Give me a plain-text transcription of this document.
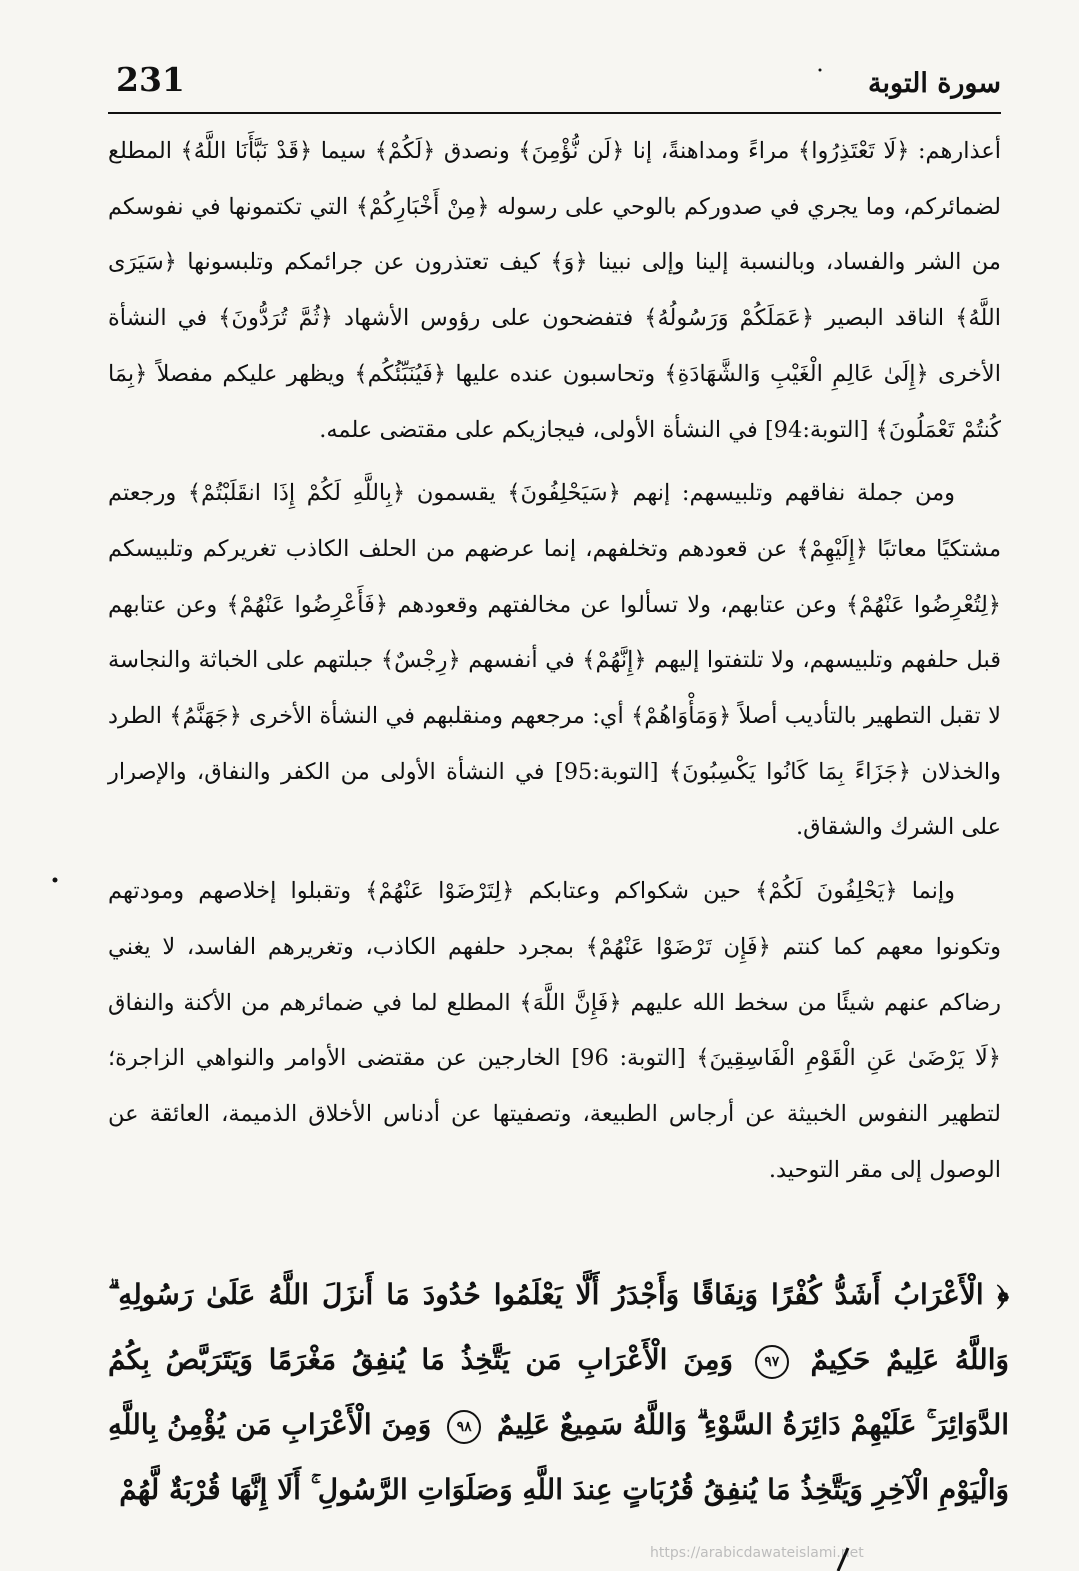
سورة التوبة
231

أعذارهم: ﴿لَا تَعْتَذِرُوا﴾ مراءً ومداهنةً، إنا ﴿لَن نُّؤْمِنَ﴾ ونصدق ﴿لَكُمْ﴾ سيما ﴿قَدْ نَبَّأَنَا اللَّهُ﴾ المطلع لضمائركم، وما يجري في صدوركم بالوحي على رسوله ﴿مِنْ أَخْبَارِكُمْ﴾ التي تكتمونها في نفوسكم من الشر والفساد، وبالنسبة إلينا وإلى نبينا ﴿وَ﴾ كيف تعتذرون عن جرائمكم وتلبسونها ﴿سَيَرَى اللَّهُ﴾ الناقد البصير ﴿عَمَلَكُمْ وَرَسُولُهُ﴾ فتفضحون على رؤوس الأشهاد ﴿ثُمَّ تُرَدُّونَ﴾ في النشأة الأخرى ﴿إِلَىٰ عَالِمِ الْغَيْبِ وَالشَّهَادَةِ﴾ وتحاسبون عنده عليها ﴿فَيُنَبِّئُكُم﴾ ويظهر عليكم مفصلاً ﴿بِمَا كُنتُمْ تَعْمَلُونَ﴾ [التوبة:94] في النشأة الأولى، فيجازيكم على مقتضى علمه.

ومن جملة نفاقهم وتلبيسهم: إنهم ﴿سَيَحْلِفُونَ﴾ يقسمون ﴿بِاللَّهِ لَكُمْ إِذَا انقَلَبْتُمْ﴾ ورجعتم مشتكيًا معاتبًا ﴿إِلَيْهِمْ﴾ عن قعودهم وتخلفهم، إنما عرضهم من الحلف الكاذب تغريركم وتلبيسكم ﴿لِتُعْرِضُوا عَنْهُمْ﴾ وعن عتابهم، ولا تسألوا عن مخالفتهم وقعودهم ﴿فَأَعْرِضُوا عَنْهُمْ﴾ وعن عتابهم قبل حلفهم وتلبيسهم، ولا تلتفتوا إليهم ﴿إِنَّهُمْ﴾ في أنفسهم ﴿رِجْسٌ﴾ جبلتهم على الخباثة والنجاسة لا تقبل التطهير بالتأديب أصلاً ﴿وَمَأْوَاهُمْ﴾ أي: مرجعهم ومنقلبهم في النشأة الأخرى ﴿جَهَنَّمُ﴾ الطرد والخذلان ﴿جَزَاءً بِمَا كَانُوا يَكْسِبُونَ﴾ [التوبة:95] في النشأة الأولى من الكفر والنفاق، والإصرار على الشرك والشقاق.

وإنما ﴿يَحْلِفُونَ لَكُمْ﴾ حين شكواكم وعتابكم ﴿لِتَرْضَوْا عَنْهُمْ﴾ وتقبلوا إخلاصهم ومودتهم وتكونوا معهم كما كنتم ﴿فَإِن تَرْضَوْا عَنْهُمْ﴾ بمجرد حلفهم الكاذب، وتغريرهم الفاسد، لا يغني رضاكم عنهم شيئًا من سخط الله عليهم ﴿فَإِنَّ اللَّهَ﴾ المطلع لما في ضمائرهم من الأكنة والنفاق ﴿لَا يَرْضَىٰ عَنِ الْقَوْمِ الْفَاسِقِينَ﴾ [التوبة: 96] الخارجين عن مقتضى الأوامر والنواهي الزاجرة؛ لتطهير النفوس الخبيثة عن أرجاس الطبيعة، وتصفيتها عن أدناس الأخلاق الذميمة، العائقة عن الوصول إلى مقر التوحيد.

﴿ الْأَعْرَابُ أَشَدُّ كُفْرًا وَنِفَاقًا وَأَجْدَرُ أَلَّا يَعْلَمُوا حُدُودَ مَا أَنزَلَ اللَّهُ عَلَىٰ رَسُولِهِ ۗ وَاللَّهُ عَلِيمٌ حَكِيمٌ ٩٧ وَمِنَ الْأَعْرَابِ مَن يَتَّخِذُ مَا يُنفِقُ مَغْرَمًا وَيَتَرَبَّصُ بِكُمُ الدَّوَائِرَ ۚ عَلَيْهِمْ دَائِرَةُ السَّوْءِ ۗ وَاللَّهُ سَمِيعٌ عَلِيمٌ ٩٨ وَمِنَ الْأَعْرَابِ مَن يُؤْمِنُ بِاللَّهِ وَالْيَوْمِ الْآخِرِ وَيَتَّخِذُ مَا يُنفِقُ قُرُبَاتٍ عِندَ اللَّهِ وَصَلَوَاتِ الرَّسُولِ ۚ أَلَا إِنَّهَا قُرْبَةٌ لَّهُمْ
https://arabicdawateislami.net
